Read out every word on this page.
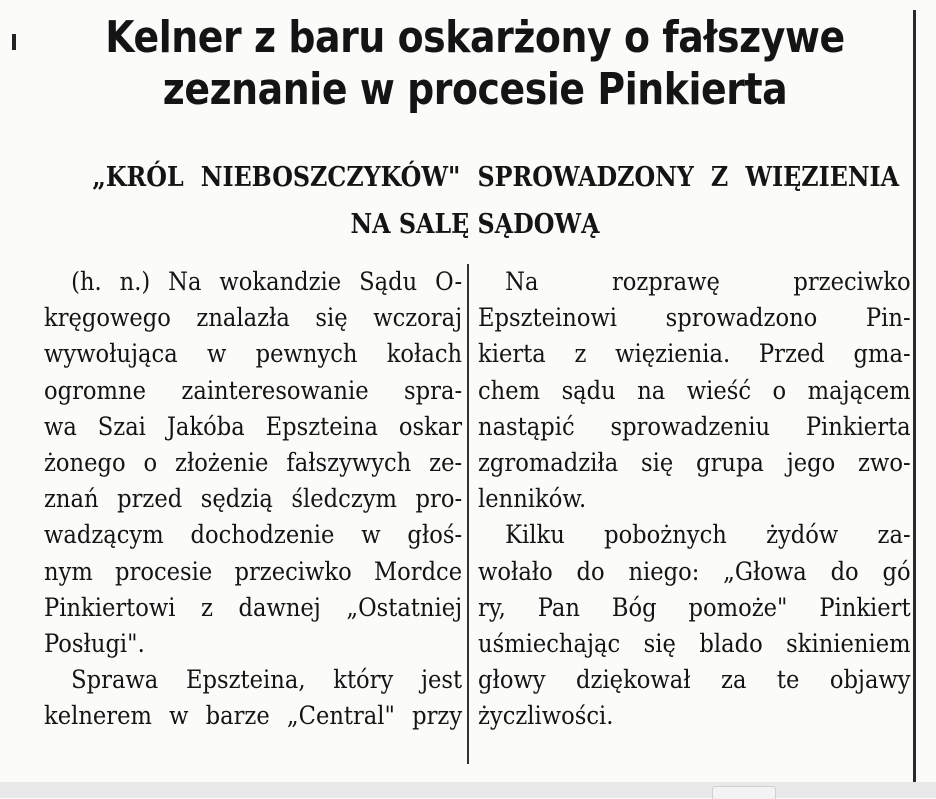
Kelner z baru oskarżony o fałszywe
zeznanie w procesie Pinkierta
„KRÓL NIEBOSZCZYKÓW" SPROWADZONY Z WIĘZIENIA
NA SALĘ SĄDOWĄ
(h. n.) Na wokandzie Sądu O-
kręgowego znalazła się wczoraj
wywołująca w pewnych kołach
ogromne zainteresowanie spra-
wa Szai Jakóba Epszteina oskar
żonego o złożenie fałszywych ze-
znań przed sędzią śledczym pro-
wadzącym dochodzenie w głoś-
nym procesie przeciwko Mordce
Pinkiertowi z dawnej „Ostatniej
Posługi".
Sprawa Epszteina, który jest
kelnerem w barze „Central" przy
Na rozprawę przeciwko
Epszteinowi sprowadzono Pin-
kierta z więzienia. Przed gma-
chem sądu na wieść o mającem
nastąpić sprowadzeniu Pinkierta
zgromadziła się grupa jego zwo-
lenników.
Kilku pobożnych żydów za-
wołało do niego: „Głowa do gó
ry, Pan Bóg pomoże" Pinkiert
uśmiechając się blado skinieniem
głowy dziękował za te objawy
życzliwości.
